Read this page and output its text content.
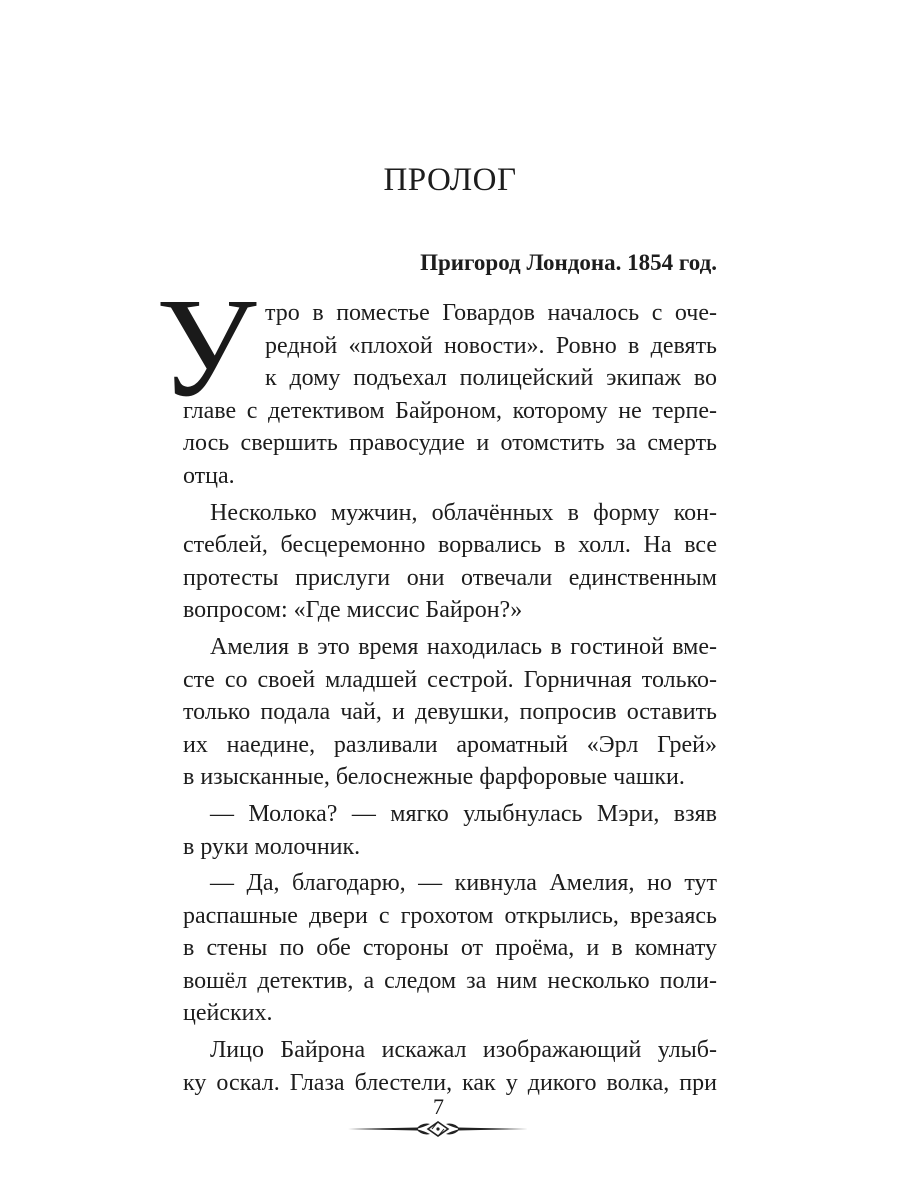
ПРОЛОГ
Пригород Лондона. 1854 год.
У тро в поместье Говардов началось с оче-
редной «плохой новости». Ровно в девять
к дому подъехал полицейский экипаж во
главе с детективом Байроном, которому не терпе-
лось свершить правосудие и отомстить за смерть
отца.
Несколько мужчин, облачённых в форму кон-
стеблей, бесцеремонно ворвались в холл. На все
протесты прислуги они отвечали единственным
вопросом: «Где миссис Байрон?»
Амелия в это время находилась в гостиной вме-
сте со своей младшей сестрой. Горничная только-
только подала чай, и девушки, попросив оставить
их наедине, разливали ароматный «Эрл Грей»
в изысканные, белоснежные фарфоровые чашки.
— Молока? — мягко улыбнулась Мэри, взяв
в руки молочник.
— Да, благодарю, — кивнула Амелия, но тут
распашные двери с грохотом открылись, врезаясь
в стены по обе стороны от проёма, и в комнату
вошёл детектив, а следом за ним несколько поли-
цейских.
Лицо Байрона искажал изображающий улыб-
ку оскал. Глаза блестели, как у дикого волка, при
7
